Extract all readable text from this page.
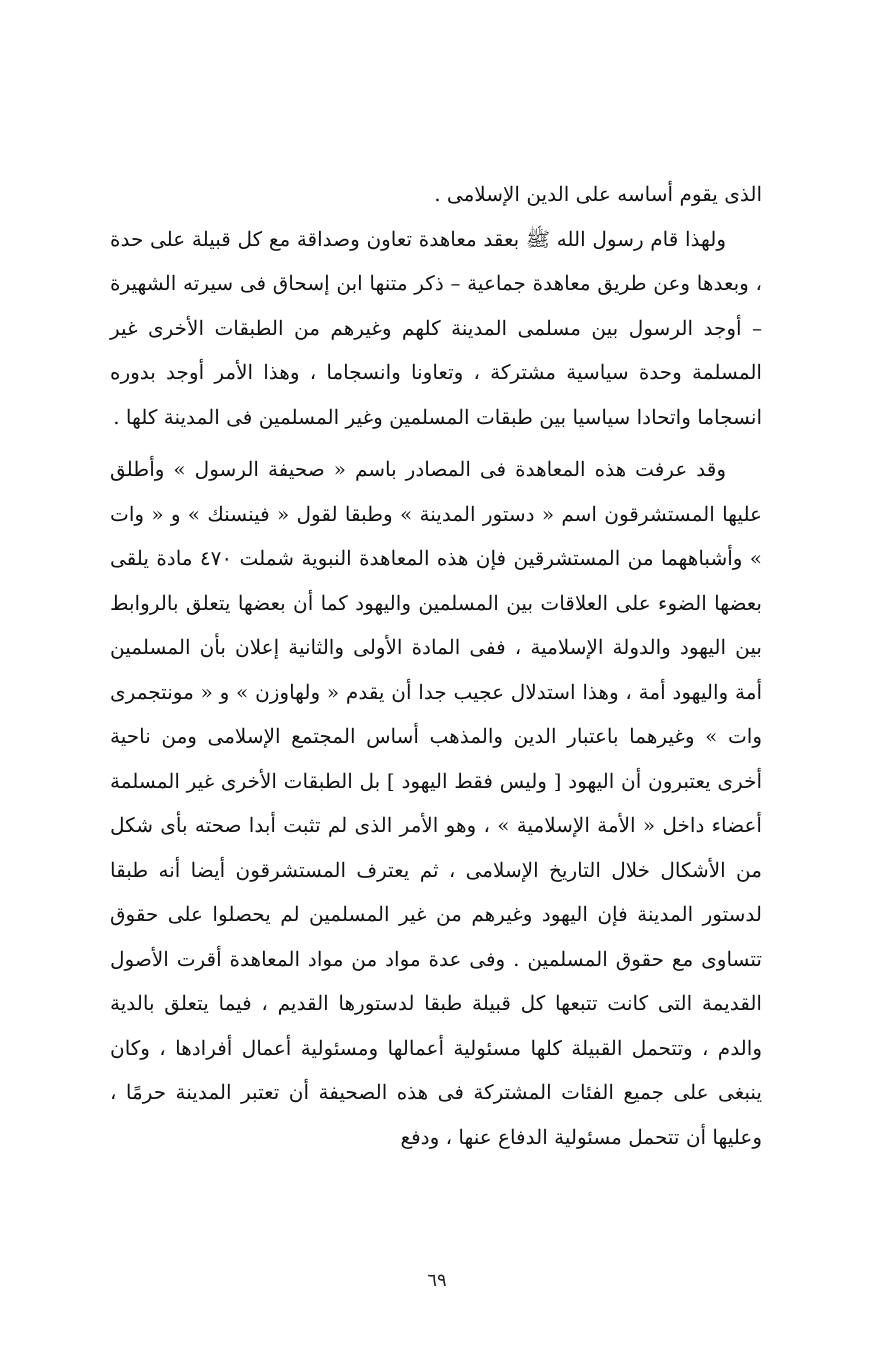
الذى يقوم أساسه على الدين الإسلامى .

ولهذا قام رسول الله ﷺ بعقد معاهدة تعاون وصداقة مع كل قبيلة على حدة ، وبعدها وعن طريق معاهدة جماعية – ذكر متنها ابن إسحاق فى سيرته الشهيرة – أوجد الرسول بين مسلمى المدينة كلهم وغيرهم من الطبقات الأخرى غير المسلمة وحدة سياسية مشتركة ، وتعاونا وانسجاما ، وهذا الأمر أوجد بدوره انسجاما واتحادا سياسيا بين طبقات المسلمين وغير المسلمين فى المدينة كلها .

وقد عرفت هذه المعاهدة فى المصادر باسم « صحيفة الرسول » وأطلق عليها المستشرقون اسم « دستور المدينة » وطبقا لقول « فينسنك » و « وات » وأشباههما من المستشرقين فإن هذه المعاهدة النبوية شملت ٤٧٠ مادة يلقى بعضها الضوء على العلاقات بين المسلمين واليهود كما أن بعضها يتعلق بالروابط بين اليهود والدولة الإسلامية ، ففى المادة الأولى والثانية إعلان بأن المسلمين أمة واليهود أمة ، وهذا استدلال عجيب جدا أن يقدم « ولهاوزن » و « مونتجمرى وات » وغيرهما باعتبار الدين والمذهب أساس المجتمع الإسلامى ومن ناحية أخرى يعتبرون أن اليهود [ وليس فقط اليهود ] بل الطبقات الأخرى غير المسلمة أعضاء داخل « الأمة الإسلامية » ، وهو الأمر الذى لم تثبت أبدا صحته بأى شكل من الأشكال خلال التاريخ الإسلامى ، ثم يعترف المستشرقون أيضا أنه طبقا لدستور المدينة فإن اليهود وغيرهم من غير المسلمين لم يحصلوا على حقوق تتساوى مع حقوق المسلمين . وفى عدة مواد من مواد المعاهدة أقرت الأصول القديمة التى كانت تتبعها كل قبيلة طبقا لدستورها القديم ، فيما يتعلق بالدية والدم ، وتتحمل القبيلة كلها مسئولية أعمالها ومسئولية أعمال أفرادها ، وكان ينبغى على جميع الفئات المشتركة فى هذه الصحيفة أن تعتبر المدينة حرمًا ، وعليها أن تتحمل مسئولية الدفاع عنها ، ودفع

٦٩
